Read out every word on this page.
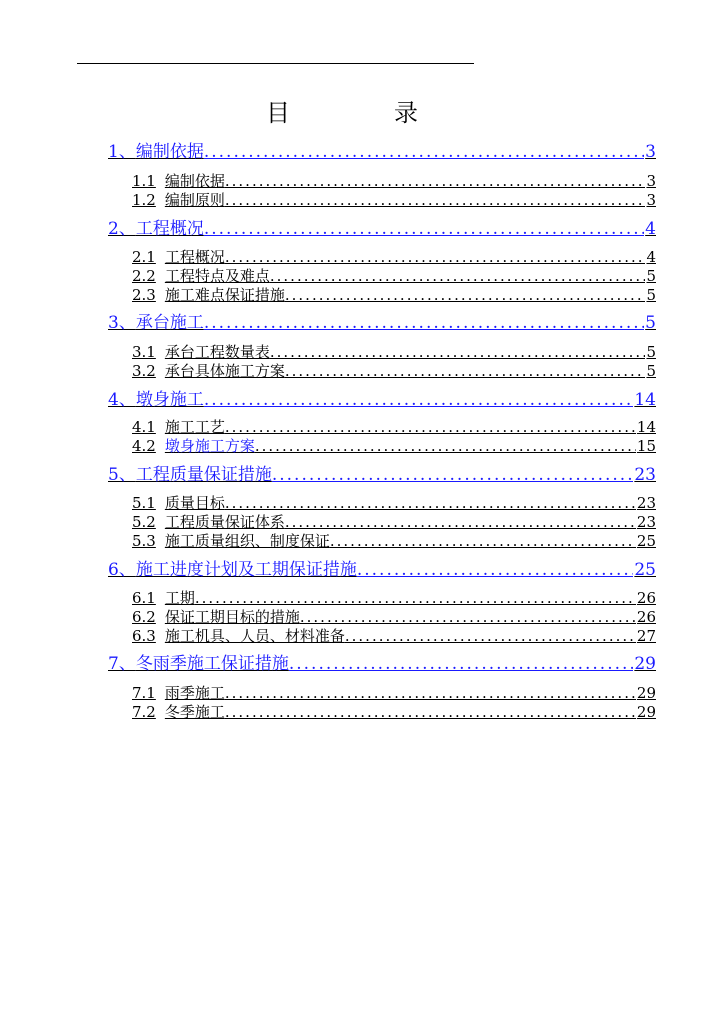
目　录
1、编制依据 .....	3
1.1 编制依据 .....	3
1.2 编制原则 .....	3
2、工程概况 .....	4
2.1 工程概况 .....	4
2.2 工程特点及难点 .....	5
2.3 施工难点保证措施 .....	5
3、承台施工 .....	5
3.1 承台工程数量表 .....	5
3.2 承台具体施工方案 .....	5
4、墩身施工 .....	14
4.1 施工工艺 .....	14
4.2 墩身施工方案 .....	15
5、工程质量保证措施 .....	23
5.1 质量目标 .....	23
5.2 工程质量保证体系 .....	23
5.3 施工质量组织、制度保证 .....	25
6、施工进度计划及工期保证措施 .....	25
6.1 工期 .....	26
6.2 保证工期目标的措施 .....	26
6.3 施工机具、人员、材料准备 .....	27
7、冬雨季施工保证措施 .....	29
7.1 雨季施工 .....	29
7.2 冬季施工 .....	29
